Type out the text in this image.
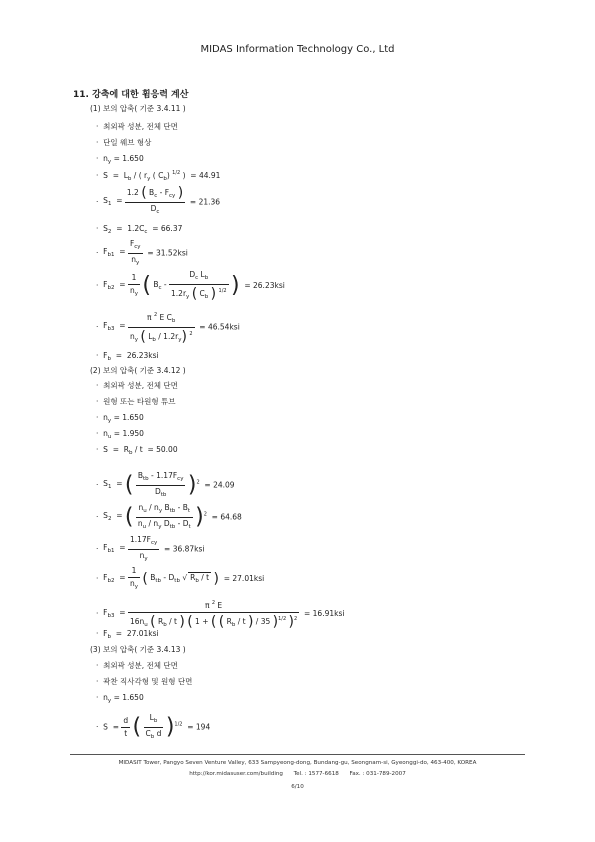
MIDAS Information Technology Co., Ltd
11. 강축에 대한 휨응력 계산
(1) 보의 압축( 기준 3.4.11 )
· 최외곽 성분, 전체 단면
· 단일 웨브 형상
·  $n_y = 1.650$
·  $S = L_b$ / ( $r_y$ ( $C_b$) $^{1/2}$ )  = 44.91
· $S_1 = \frac{1.2 ( B_c - F_{cy} )}{D_c} = 21.36$
·  $S_2 = 1.2C_c = 66.37$
· $F_{b1} = \frac{F_{cy}}{n_y} = 31.52ksi$
· $F_{b2} = \frac{1}{n_y}$ ( $B_c - \frac{D_c L_b}{1.2r_y ( C_b ) ^{1/2}}$ )  = 26.23ksi
· $F_{b3} = \frac{\pi ^2 E C_b}{n_y ( L_b / 1.2r_y) ^2} = 46.54ksi$
·  $F_b = 26.23ksi$
(2) 보의 압축( 기준 3.4.12 )
· 최외곽 성분, 전체 단면
· 원형 또는 타원형 튜브
·  $n_y = 1.650$
·  $n_u = 1.950$
·  $S = R_b / t = 50.00$
· $S_1$  = ( $\frac{B_{tb} - 1.17F_{cy}}{D_{tb}} )^2 = 24.09$
· $S_2$  = ( $\frac{n_u / n_y B_{tb} - B_t}{n_u / n_y D_{tb} - D_t} )^2 = 64.68$
· $F_{b1} = \frac{1.17F_{cy}}{n_y} = 36.87ksi$
· $F_{b2} = \frac{1}{n_y}$ ( $B_{tb} - D_{tb}$ √ $R_b$ / t )  = 27.01ksi
· $F_{b3} = \frac{\pi ^2 E}{16n_u ( R_b / t ) ( 1 + ( ( R_b / t ) / 35 )^{1/2} )^2} = 16.91ksi$
·  $F_b = 27.01ksi$
(3) 보의 압축( 기준 3.4.13 )
· 최외곽 성분, 전체 단면
· 곽찬 직사각형 및 원형 단면
·  $n_y = 1.650$
· $S = \frac{d}{t}$ ( $\frac{L_b}{C_b d} )^{1/2} = 194$
MIDASIT Tower, Pangyo Seven Venture Valley, 633 Sampyeong-dong, Bundang-gu, Seongnam-si, Gyeonggi-do, 463-400, KOREA
http://kor.midasuser.com/building Tel. : 1577-6618 Fax. : 031-789-2007
6/10
